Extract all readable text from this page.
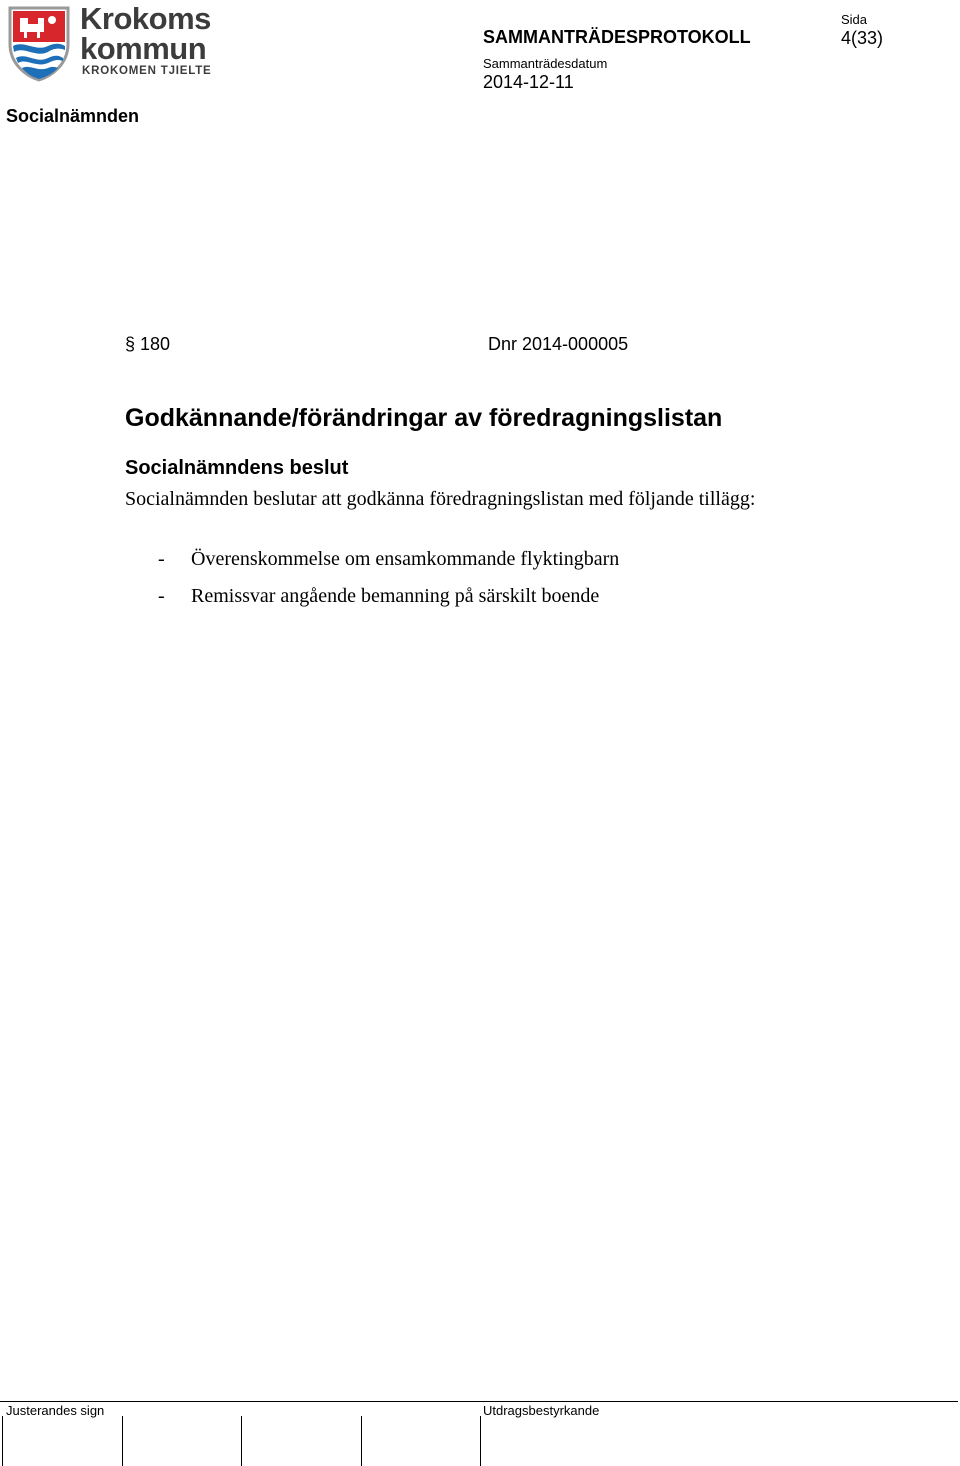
Krokoms
kommun
KROKOMEN TJIELTE
SAMMANTRÄDESPROTOKOLL
Sammanträdesdatum
2014-12-11
Sida
4(33)
Socialnämnden
§ 180	Dnr 2014-000005
Godkännande/förändringar av föredragningslistan
Socialnämndens beslut
Socialnämnden beslutar att godkänna föredragningslistan med följande tillägg:
- Överenskommelse om ensamkommande flyktingbarn
- Remissvar angående bemanning på särskilt boende
Justerandes sign	Utdragsbestyrkande
